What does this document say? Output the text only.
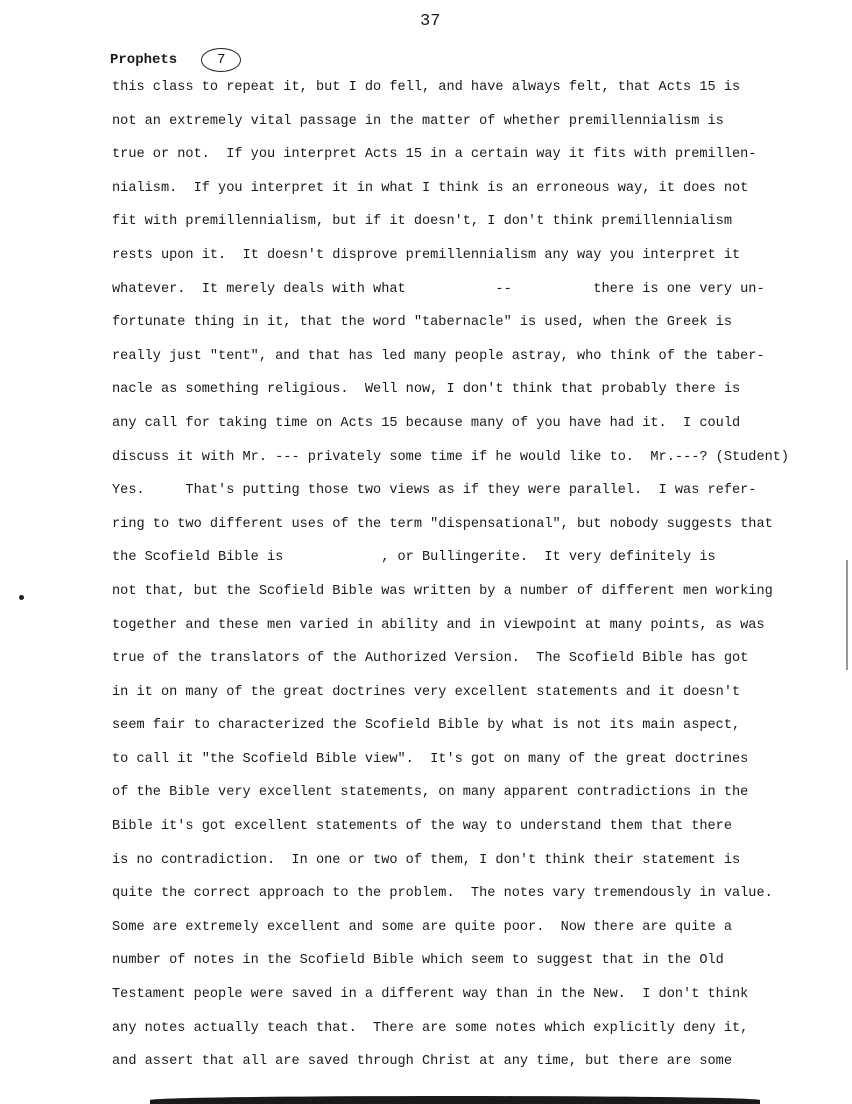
37
Prophets	7
this class to repeat it, but I do fell, and have always felt, that Acts 15 is
not an extremely vital passage in the matter of whether premillennialism is
true or not.  If you interpret Acts 15 in a certain way it fits with premillen-
nialism.  If you interpret it in what I think is an erroneous way, it does not
fit with premillennialism, but if it doesn't, I don't think premillennialism
rests upon it.  It doesn't disprove premillennialism any way you interpret it
whatever.  It merely deals with what           --          there is one very un-
fortunate thing in it, that the word "tabernacle" is used, when the Greek is
really just "tent", and that has led many people astray, who think of the taber-
nacle as something religious.  Well now, I don't think that probably there is
any call for taking time on Acts 15 because many of you have had it.  I could
discuss it with Mr. --- privately some time if he would like to.  Mr.---? (Student)
Yes.     That's putting those two views as if they were parallel.  I was refer-
ring to two different uses of the term "dispensational", but nobody suggests that
the Scofield Bible is            , or Bullingerite.  It very definitely is
not that, but the Scofield Bible was written by a number of different men working
together and these men varied in ability and in viewpoint at many points, as was
true of the translators of the Authorized Version.  The Scofield Bible has got
in it on many of the great doctrines very excellent statements and it doesn't
seem fair to characterized the Scofield Bible by what is not its main aspect,
to call it "the Scofield Bible view".  It's got on many of the great doctrines
of the Bible very excellent statements, on many apparent contradictions in the
Bible it's got excellent statements of the way to understand them that there
is no contradiction.  In one or two of them, I don't think their statement is
quite the correct approach to the problem.  The notes vary tremendously in value.
Some are extremely excellent and some are quite poor.  Now there are quite a
number of notes in the Scofield Bible which seem to suggest that in the Old
Testament people were saved in a different way than in the New.  I don't think
any notes actually teach that.  There are some notes which explicitly deny it,
and assert that all are saved through Christ at any time, but there are some
